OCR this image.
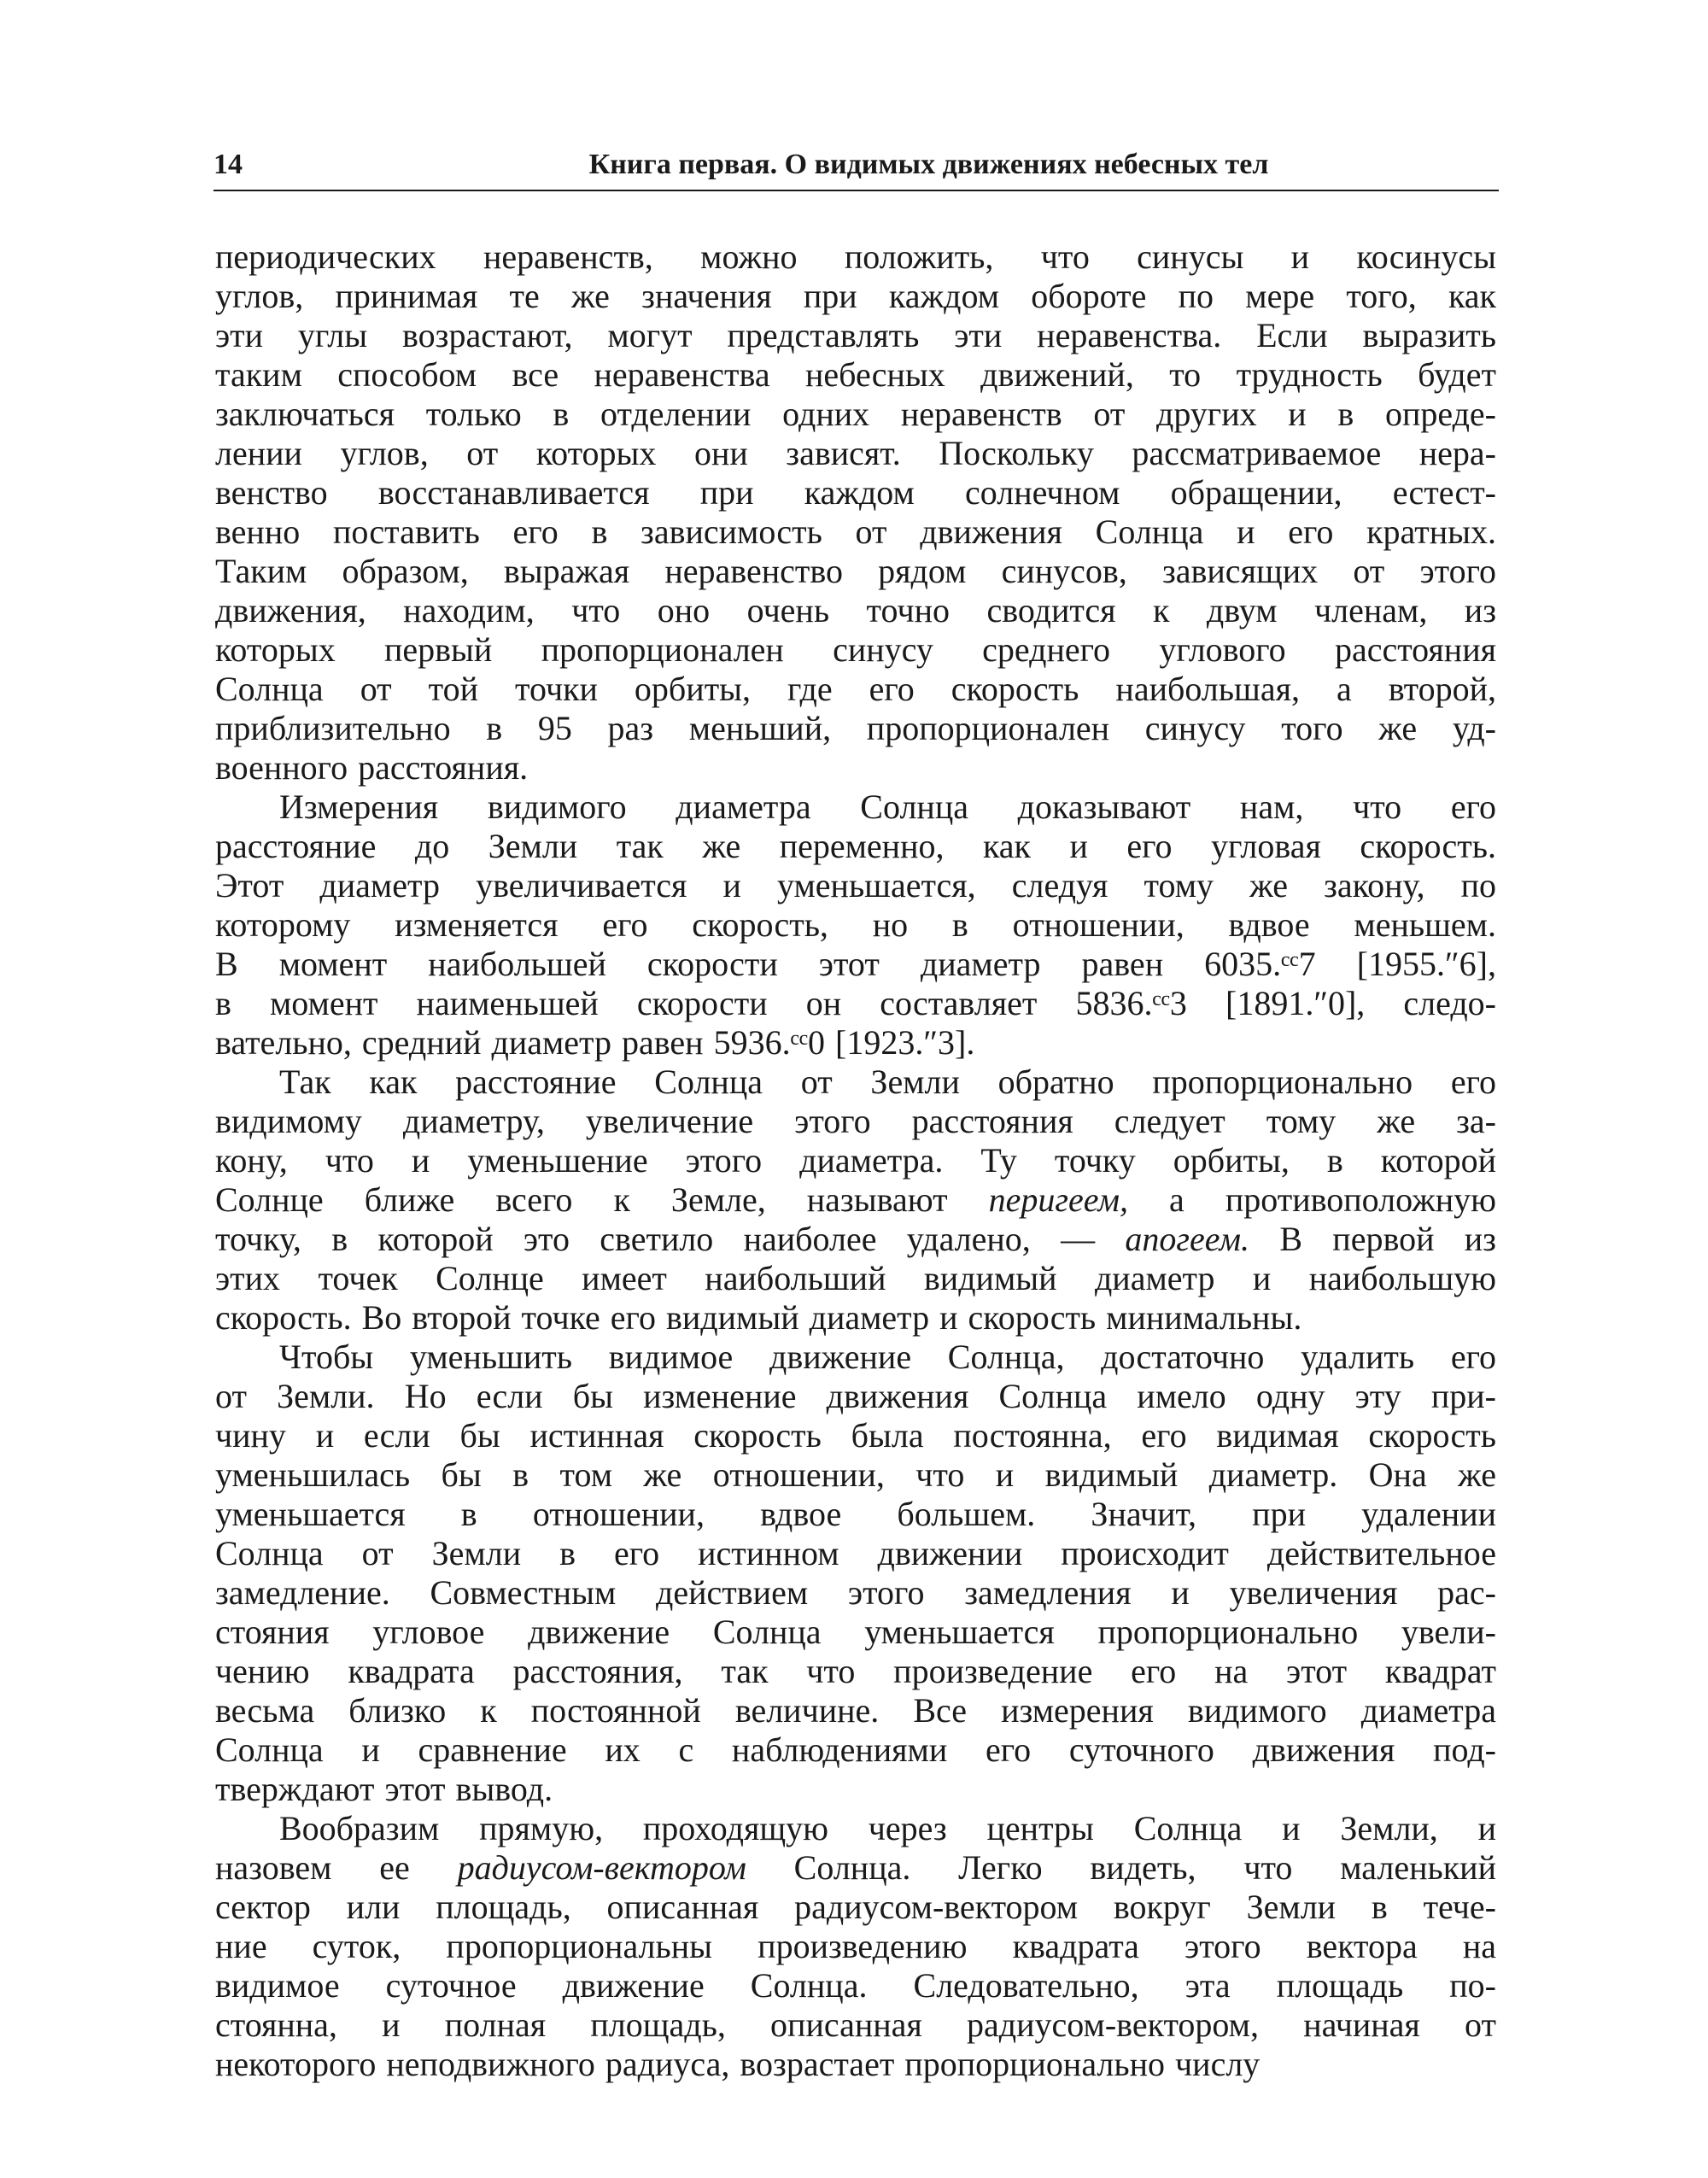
14	Книга первая. О видимых движениях небесных тел
периодических неравенств, можно положить, что синусы и косинусы
углов, принимая те же значения при каждом обороте по мере того, как
эти углы возрастают, могут представлять эти неравенства. Если выразить
таким способом все неравенства небесных движений, то трудность будет
заключаться только в отделении одних неравенств от других и в опреде-
лении углов, от которых они зависят. Поскольку рассматриваемое нера-
венство восстанавливается при каждом солнечном обращении, естест-
венно поставить его в зависимость от движения Солнца и его кратных.
Таким образом, выражая неравенство рядом синусов, зависящих от этого
движения, находим, что оно очень точно сводится к двум членам, из
которых первый пропорционален синусу среднего углового расстояния
Солнца от той точки орбиты, где его скорость наибольшая, а второй,
приблизительно в 95 раз меньший, пропорционален синусу того же уд-
военного расстояния.
Измерения видимого диаметра Солнца доказывают нам, что его
расстояние до Земли так же переменно, как и его угловая скорость.
Этот диаметр увеличивается и уменьшается, следуя тому же закону, по
которому изменяется его скорость, но в отношении, вдвое меньшем.
В момент наибольшей скорости этот диаметр равен 6035.ᶜᶜ7 [1955.″6],
в момент наименьшей скорости он составляет 5836.ᶜᶜ3 [1891.″0], следо-
вательно, средний диаметр равен 5936.ᶜᶜ0 [1923.″3].
Так как расстояние Солнца от Земли обратно пропорционально его
видимому диаметру, увеличение этого расстояния следует тому же за-
кону, что и уменьшение этого диаметра. Ту точку орбиты, в которой
Солнце ближе всего к Земле, называют перигеем, а противоположную
точку, в которой это светило наиболее удалено, — апогеем. В первой из
этих точек Солнце имеет наибольший видимый диаметр и наибольшую
скорость. Во второй точке его видимый диаметр и скорость минимальны.
Чтобы уменьшить видимое движение Солнца, достаточно удалить его
от Земли. Но если бы изменение движения Солнца имело одну эту при-
чину и если бы истинная скорость была постоянна, его видимая скорость
уменьшилась бы в том же отношении, что и видимый диаметр. Она же
уменьшается в отношении, вдвое большем. Значит, при удалении
Солнца от Земли в его истинном движении происходит действительное
замедление. Совместным действием этого замедления и увеличения рас-
стояния угловое движение Солнца уменьшается пропорционально увели-
чению квадрата расстояния, так что произведение его на этот квадрат
весьма близко к постоянной величине. Все измерения видимого диаметра
Солнца и сравнение их с наблюдениями его суточного движения под-
тверждают этот вывод.
Вообразим прямую, проходящую через центры Солнца и Земли, и
назовем ее радиусом-вектором Солнца. Легко видеть, что маленький
сектор или площадь, описанная радиусом-вектором вокруг Земли в тече-
ние суток, пропорциональны произведению квадрата этого вектора на
видимое суточное движение Солнца. Следовательно, эта площадь по-
стоянна, и полная площадь, описанная радиусом-вектором, начиная от
некоторого неподвижного радиуса, возрастает пропорционально числу
